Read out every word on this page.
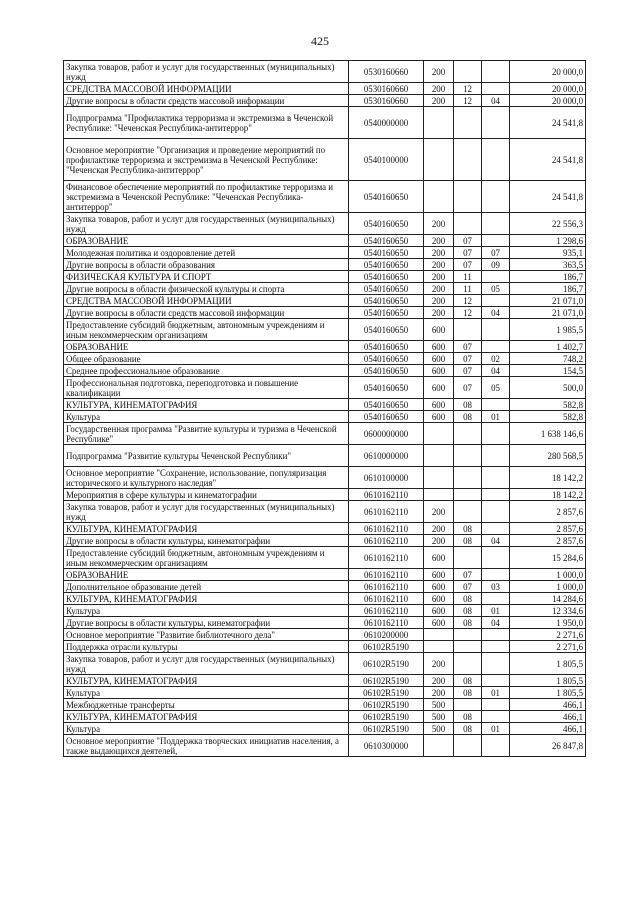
425
Закупка товаров, работ и услуг для государственных (муниципальных) нужд	0530160660	200			20 000,0
СРЕДСТВА МАССОВОЙ ИНФОРМАЦИИ	0530160660	200	12		20 000,0
Другие вопросы в области средств массовой информации	0530160660	200	12	04	20 000,0
Подпрограмма "Профилактика терроризма и экстремизма в Чеченской Республике: "Чеченская Республика-антитеррор"	0540000000				24 541,8
Основное мероприятие "Организация и проведение мероприятий по профилактике терроризма и экстремизма в Чеченской Республике: "Чеченская Республика-антитеррор"	0540100000				24 541,8
Финансовое обеспечение мероприятий по профилактике терроризма и экстремизма в Чеченской Республике: "Чеченская Республика-антитеррор"	0540160650				24 541,8
Закупка товаров, работ и услуг для государственных (муниципальных) нужд	0540160650	200			22 556,3
ОБРАЗОВАНИЕ	0540160650	200	07		1 298,6
Молодежная политика и оздоровление детей	0540160650	200	07	07	935,1
Другие вопросы в области образования	0540160650	200	07	09	363,5
ФИЗИЧЕСКАЯ КУЛЬТУРА И СПОРТ	0540160650	200	11		186,7
Другие вопросы в области физической культуры и спорта	0540160650	200	11	05	186,7
СРЕДСТВА МАССОВОЙ ИНФОРМАЦИИ	0540160650	200	12		21 071,0
Другие вопросы в области средств массовой информации	0540160650	200	12	04	21 071,0
Предоставление субсидий бюджетным, автономным учреждениям и иным некоммерческим организациям	0540160650	600			1 985,5
ОБРАЗОВАНИЕ	0540160650	600	07		1 402,7
Общее образование	0540160650	600	07	02	748,2
Среднее профессиональное образование	0540160650	600	07	04	154,5
Профессиональная подготовка, переподготовка и повышение квалификации	0540160650	600	07	05	500,0
КУЛЬТУРА, КИНЕМАТОГРАФИЯ	0540160650	600	08		582,8
Культура	0540160650	600	08	01	582,8
Государственная программа "Развитие культуры и туризма в Чеченской Республике"	0600000000				1 638 146,6
Подпрограмма "Развитие культуры Чеченской Республики"	0610000000				280 568,5
Основное мероприятие "Сохранение, использование, популяризация исторического и культурного наследия"	0610100000				18 142,2
Мероприятия в сфере культуры и кинематографии	0610162110				18 142,2
Закупка товаров, работ и услуг для государственных (муниципальных) нужд	0610162110	200			2 857,6
КУЛЬТУРА, КИНЕМАТОГРАФИЯ	0610162110	200	08		2 857,6
Другие вопросы в области культуры, кинематографии	0610162110	200	08	04	2 857,6
Предоставление субсидий бюджетным, автономным учреждениям и иным некоммерческим организациям	0610162110	600			15 284,6
ОБРАЗОВАНИЕ	0610162110	600	07		1 000,0
Дополнительное образование детей	0610162110	600	07	03	1 000,0
КУЛЬТУРА, КИНЕМАТОГРАФИЯ	0610162110	600	08		14 284,6
Культура	0610162110	600	08	01	12 334,6
Другие вопросы в области культуры, кинематографии	0610162110	600	08	04	1 950,0
Основное мероприятие "Развитие библиотечного дела"	0610200000				2 271,6
Поддержка отрасли культуры	06102R5190				2 271,6
Закупка товаров, работ и услуг для государственных (муниципальных) нужд	06102R5190	200			1 805,5
КУЛЬТУРА, КИНЕМАТОГРАФИЯ	06102R5190	200	08		1 805,5
Культура	06102R5190	200	08	01	1 805,5
Межбюджетные трансферты	06102R5190	500			466,1
КУЛЬТУРА, КИНЕМАТОГРАФИЯ	06102R5190	500	08		466,1
Культура	06102R5190	500	08	01	466,1
Основное мероприятие "Поддержка творческих инициатив населения, а также выдающихся деятелей,	0610300000				26 847,8
